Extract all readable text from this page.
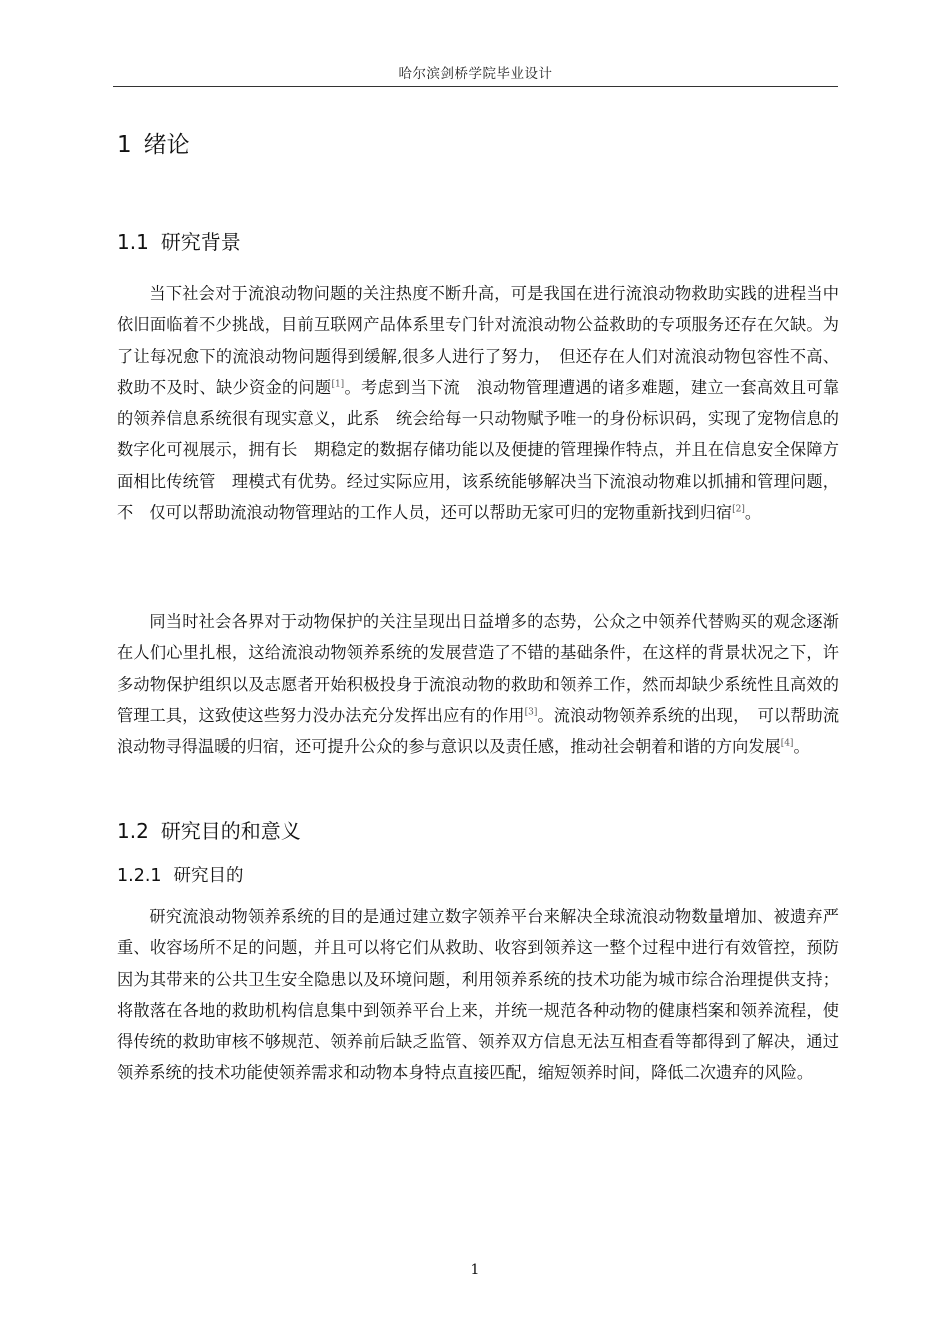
哈尔滨剑桥学院毕业设计
1 绪论
1.1 研究背景

当下社会对于流浪动物问题的关注热度不断升高，可是我国在进行流浪动物救助实践的进程当中依旧面临着不少挑战，目前互联网产品体系里专门针对流浪动物公益救助的专项服务还存在欠缺。为了让每况愈下的流浪动物问题得到缓解,很多人进行了努力，　但还存在人们对流浪动物包容性不高、救助不及时、缺少资金的问题[1]。考虑到当下流　浪动物管理遭遇的诸多难题，建立一套高效且可靠的领养信息系统很有现实意义，此系　统会给每一只动物赋予唯一的身份标识码，实现了宠物信息的数字化可视展示，拥有长　期稳定的数据存储功能以及便捷的管理操作特点，并且在信息安全保障方面相比传统管　理模式有优势。经过实际应用，该系统能够解决当下流浪动物难以抓捕和管理问题，不　仅可以帮助流浪动物管理站的工作人员，还可以帮助无家可归的宠物重新找到归宿[2]。

同当时社会各界对于动物保护的关注呈现出日益增多的态势，公众之中领养代替购买的观念逐渐在人们心里扎根，这给流浪动物领养系统的发展营造了不错的基础条件，在这样的背景状况之下，许多动物保护组织以及志愿者开始积极投身于流浪动物的救助和领养工作，然而却缺少系统性且高效的管理工具，这致使这些努力没办法充分发挥出应有的作用[3]。流浪动物领养系统的出现，　可以帮助流浪动物寻得温暖的归宿，还可提升公众的参与意识以及责任感，推动社会朝着和谐的方向发展[4]。

1.2 研究目的和意义
1.2.1 研究目的

研究流浪动物领养系统的目的是通过建立数字领养平台来解决全球流浪动物数量增加、被遗弃严重、收容场所不足的问题，并且可以将它们从救助、收容到领养这一整个过程中进行有效管控，预防因为其带来的公共卫生安全隐患以及环境问题，利用领养系统的技术功能为城市综合治理提供支持；将散落在各地的救助机构信息集中到领养平台上来，并统一规范各种动物的健康档案和领养流程，使得传统的救助审核不够规范、领养前后缺乏监管、领养双方信息无法互相查看等都得到了解决，通过领养系统的技术功能使领养需求和动物本身特点直接匹配，缩短领养时间，降低二次遗弃的风险。

1
